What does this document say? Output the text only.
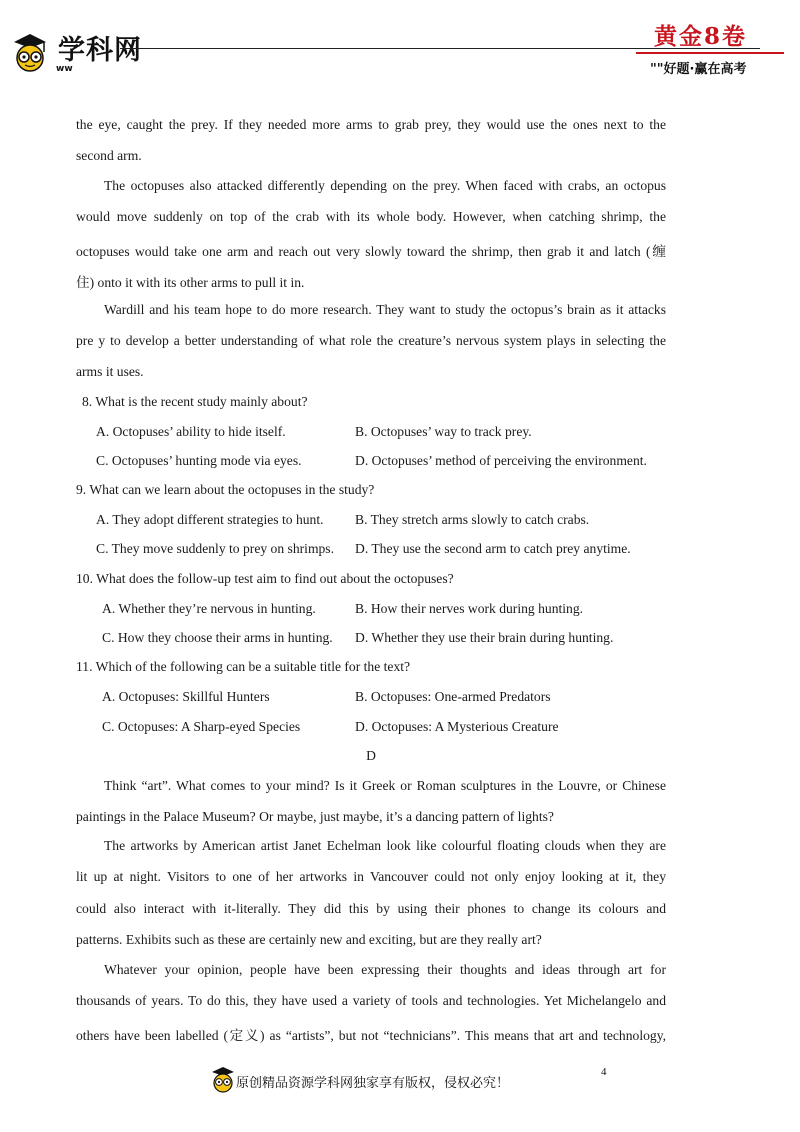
学科网
ww
黄金8卷
""好题·赢在高考
the eye, caught the prey. If they needed more arms to grab prey, they would use the ones next to the
second arm.
The octopuses also attacked differently depending on the prey. When faced with crabs, an octopus
would move suddenly on top of the crab with its whole body. However, when catching shrimp, the
octopuses would take one arm and reach out very slowly toward the shrimp, then grab it and latch (缠
住) onto it with its other arms to pull it in.
Wardill and his team hope to do more research. They want to study the octopus’s brain as it attacks
pre y to develop a better understanding of what role the creature’s nervous system plays in selecting the
arms it uses.
8. What is the recent study mainly about?
A. Octopuses’ ability to hide itself.	B. Octopuses’ way to track prey.
C. Octopuses’ hunting mode via eyes.	D. Octopuses’ method of perceiving the environment.
9. What can we learn about the octopuses in the study?
A. They adopt different strategies to hunt. B. They stretch arms slowly to catch crabs.
C. They move suddenly to prey on shrimps. D. They use the second arm to catch prey anytime.
10. What does the follow-up test aim to find out about the octopuses?
A. Whether they’re nervous in hunting.	B. How their nerves work during hunting.
C. How they choose their arms in hunting. D. Whether they use their brain during hunting.
11. Which of the following can be a suitable title for the text?
A. Octopuses: Skillful Hunters	B. Octopuses: One-armed Predators
C. Octopuses: A Sharp-eyed Species	D. Octopuses: A Mysterious Creature
D
Think “art”. What comes to your mind? Is it Greek or Roman sculptures in the Louvre, or Chinese
paintings in the Palace Museum? Or maybe, just maybe, it’s a dancing pattern of lights?
The artworks by American artist Janet Echelman look like colourful floating clouds when they are
lit up at night. Visitors to one of her artworks in Vancouver could not only enjoy looking at it, they
could also interact with it-literally. They did this by using their phones to change its colours and
patterns. Exhibits such as these are certainly new and exciting, but are they really art?
Whatever your opinion, people have been expressing their thoughts and ideas through art for
thousands of years. To do this, they have used a variety of tools and technologies. Yet Michelangelo and
others have been labelled (定义) as “artists”, but not “technicians”. This means that art and technology,
原创精品资源学科网独家享有版权，侵权必究！
4
